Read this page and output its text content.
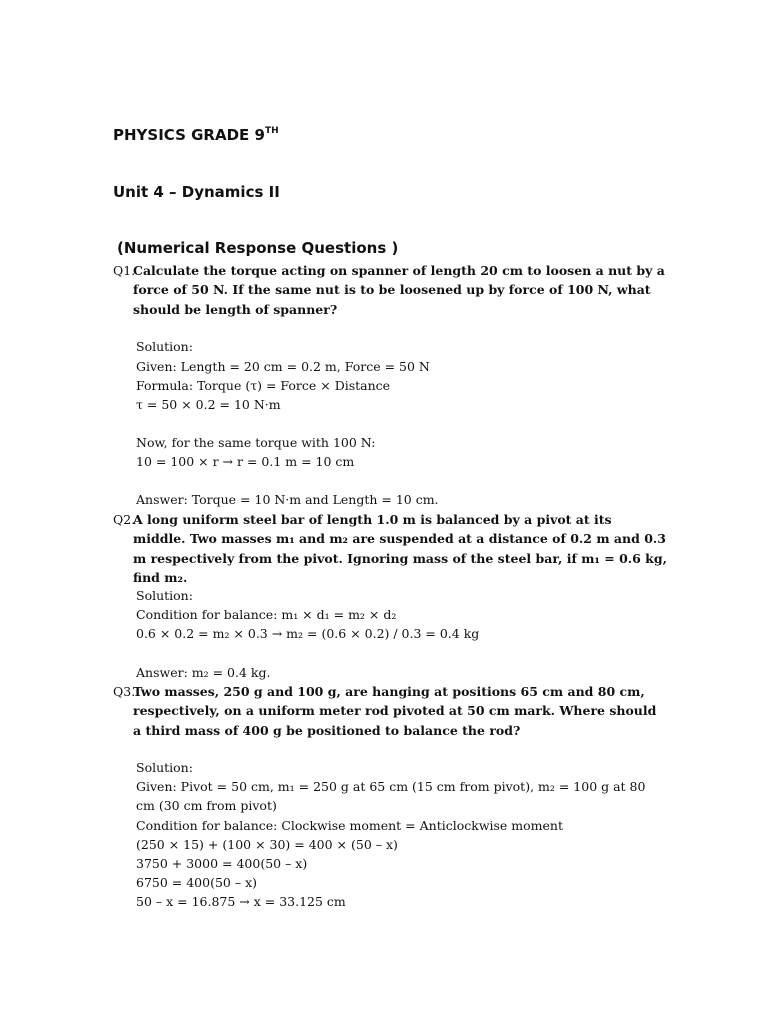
PHYSICS GRADE 9TH
Unit 4 – Dynamics II
(Numerical Response Questions )
Q1.
Calculate the torque acting on spanner of length 20 cm to loosen a nut by a force of 50 N. If the same nut is to be loosened up by force of 100 N, what should be length of spanner?
Solution:
Given: Length = 20 cm = 0.2 m, Force = 50 N
Formula: Torque (τ) = Force × Distance
τ = 50 × 0.2 = 10 N·m
Now, for the same torque with 100 N:
10 = 100 × r → r = 0.1 m = 10 cm
Answer: Torque = 10 N·m and Length = 10 cm.
Q2.
A long uniform steel bar of length 1.0 m is balanced by a pivot at its middle. Two masses m₁ and m₂ are suspended at a distance of 0.2 m and 0.3 m respectively from the pivot. Ignoring mass of the steel bar, if m₁ = 0.6 kg, find m₂.
Solution:
Condition for balance: m₁ × d₁ = m₂ × d₂
0.6 × 0.2 = m₂ × 0.3 → m₂ = (0.6 × 0.2) / 0.3 = 0.4 kg
Answer: m₂ = 0.4 kg.
Q3.
Two masses, 250 g and 100 g, are hanging at positions 65 cm and 80 cm, respectively, on a uniform meter rod pivoted at 50 cm mark. Where should a third mass of 400 g be positioned to balance the rod?
Solution:
Given: Pivot = 50 cm, m₁ = 250 g at 65 cm (15 cm from pivot), m₂ = 100 g at 80 cm (30 cm from pivot)
Condition for balance: Clockwise moment = Anticlockwise moment
(250 × 15) + (100 × 30) = 400 × (50 – x)
3750 + 3000 = 400(50 – x)
6750 = 400(50 – x)
50 – x = 16.875 → x = 33.125 cm
